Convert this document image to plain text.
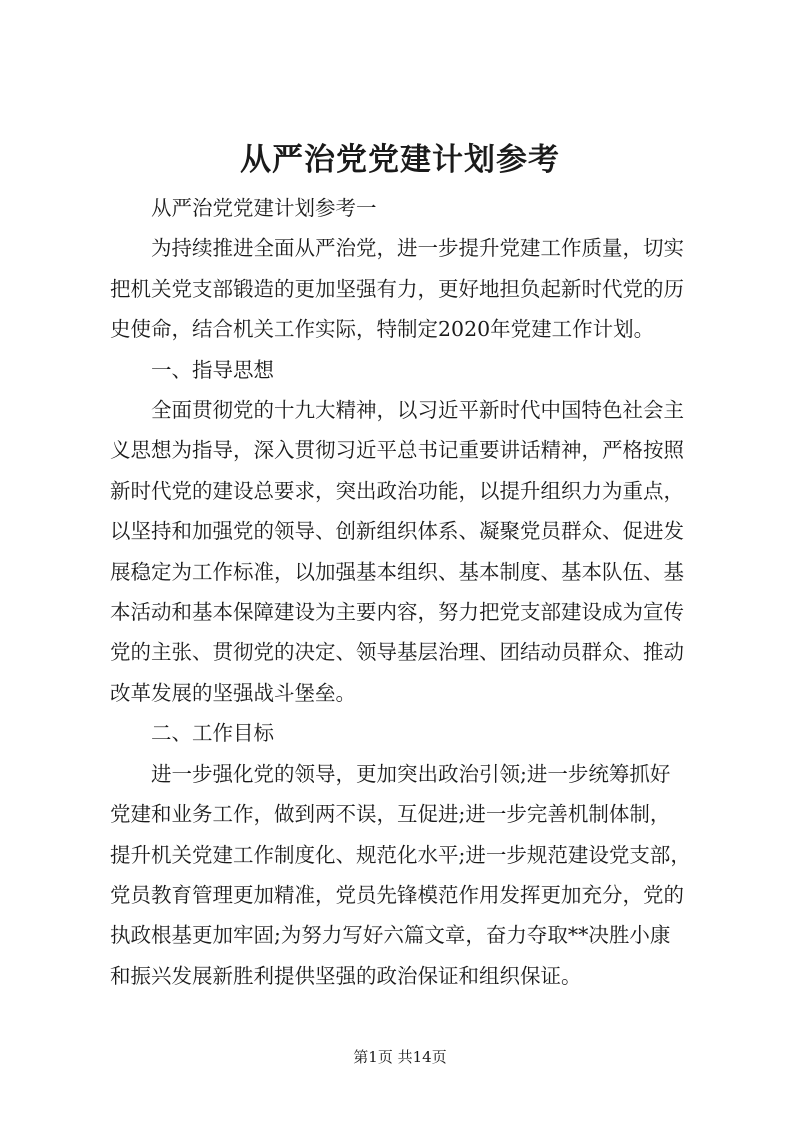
从严治党党建计划参考

从严治党党建计划参考一

为持续推进全面从严治党，进一步提升党建工作质量，切实
把机关党支部锻造的更加坚强有力，更好地担负起新时代党的历
史使命，结合机关工作实际，特制定2020年党建工作计划。

一、指导思想

全面贯彻党的十九大精神，以习近平新时代中国特色社会主
义思想为指导，深入贯彻习近平总书记重要讲话精神，严格按照
新时代党的建设总要求，突出政治功能，以提升组织力为重点，
以坚持和加强党的领导、创新组织体系、凝聚党员群众、促进发
展稳定为工作标准，以加强基本组织、基本制度、基本队伍、基
本活动和基本保障建设为主要内容，努力把党支部建设成为宣传
党的主张、贯彻党的决定、领导基层治理、团结动员群众、推动
改革发展的坚强战斗堡垒。

二、工作目标

进一步强化党的领导，更加突出政治引领;进一步统筹抓好
党建和业务工作，做到两不误，互促进;进一步完善机制体制，
提升机关党建工作制度化、规范化水平;进一步规范建设党支部，
党员教育管理更加精准，党员先锋模范作用发挥更加充分，党的
执政根基更加牢固;为努力写好六篇文章，奋力夺取**决胜小康
和振兴发展新胜利提供坚强的政治保证和组织保证。

第1页 共14页
